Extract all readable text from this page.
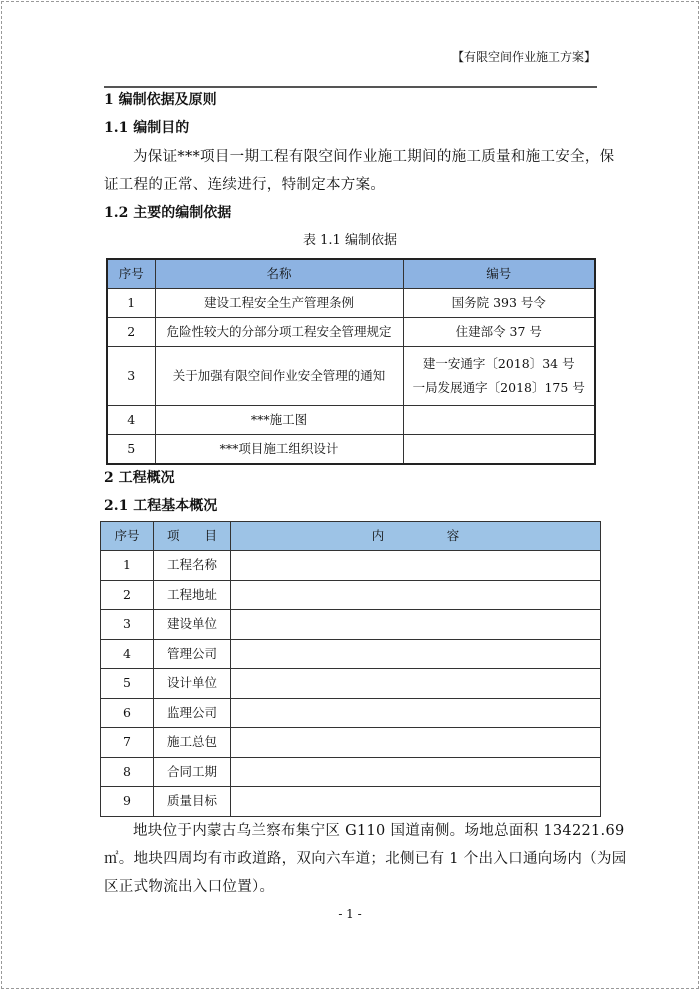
【有限空间作业施工方案】
1 编制依据及原则
1.1 编制目的
为保证***项目一期工程有限空间作业施工期间的施工质量和施工安全，保
证工程的正常、连续进行，特制定本方案。
1.2 主要的编制依据
表 1.1 编制依据
序号	名称	编号
1	建设工程安全生产管理条例	国务院 393 号令
2	危险性较大的分部分项工程安全管理规定	住建部令 37 号
3	关于加强有限空间作业安全管理的通知	建一安通字〔2018〕34 号
一局发展通字〔2018〕175 号

4	***施工图	
5	***项目施工组织设计	
2 工程概况
2.1 工程基本概况
序号	项　　目	内　　　　　容
1	工程名称	
2	工程地址	
3	建设单位	
4	管理公司	
5	设计单位	
6	监理公司	
7	施工总包	
8	合同工期	
9	质量目标	
地块位于内蒙古乌兰察布集宁区 G110 国道南侧。场地总面积 134221.69
㎡。地块四周均有市政道路，双向六车道；北侧已有 1 个出入口通向场内（为园
区正式物流出入口位置）。
- 1 -
